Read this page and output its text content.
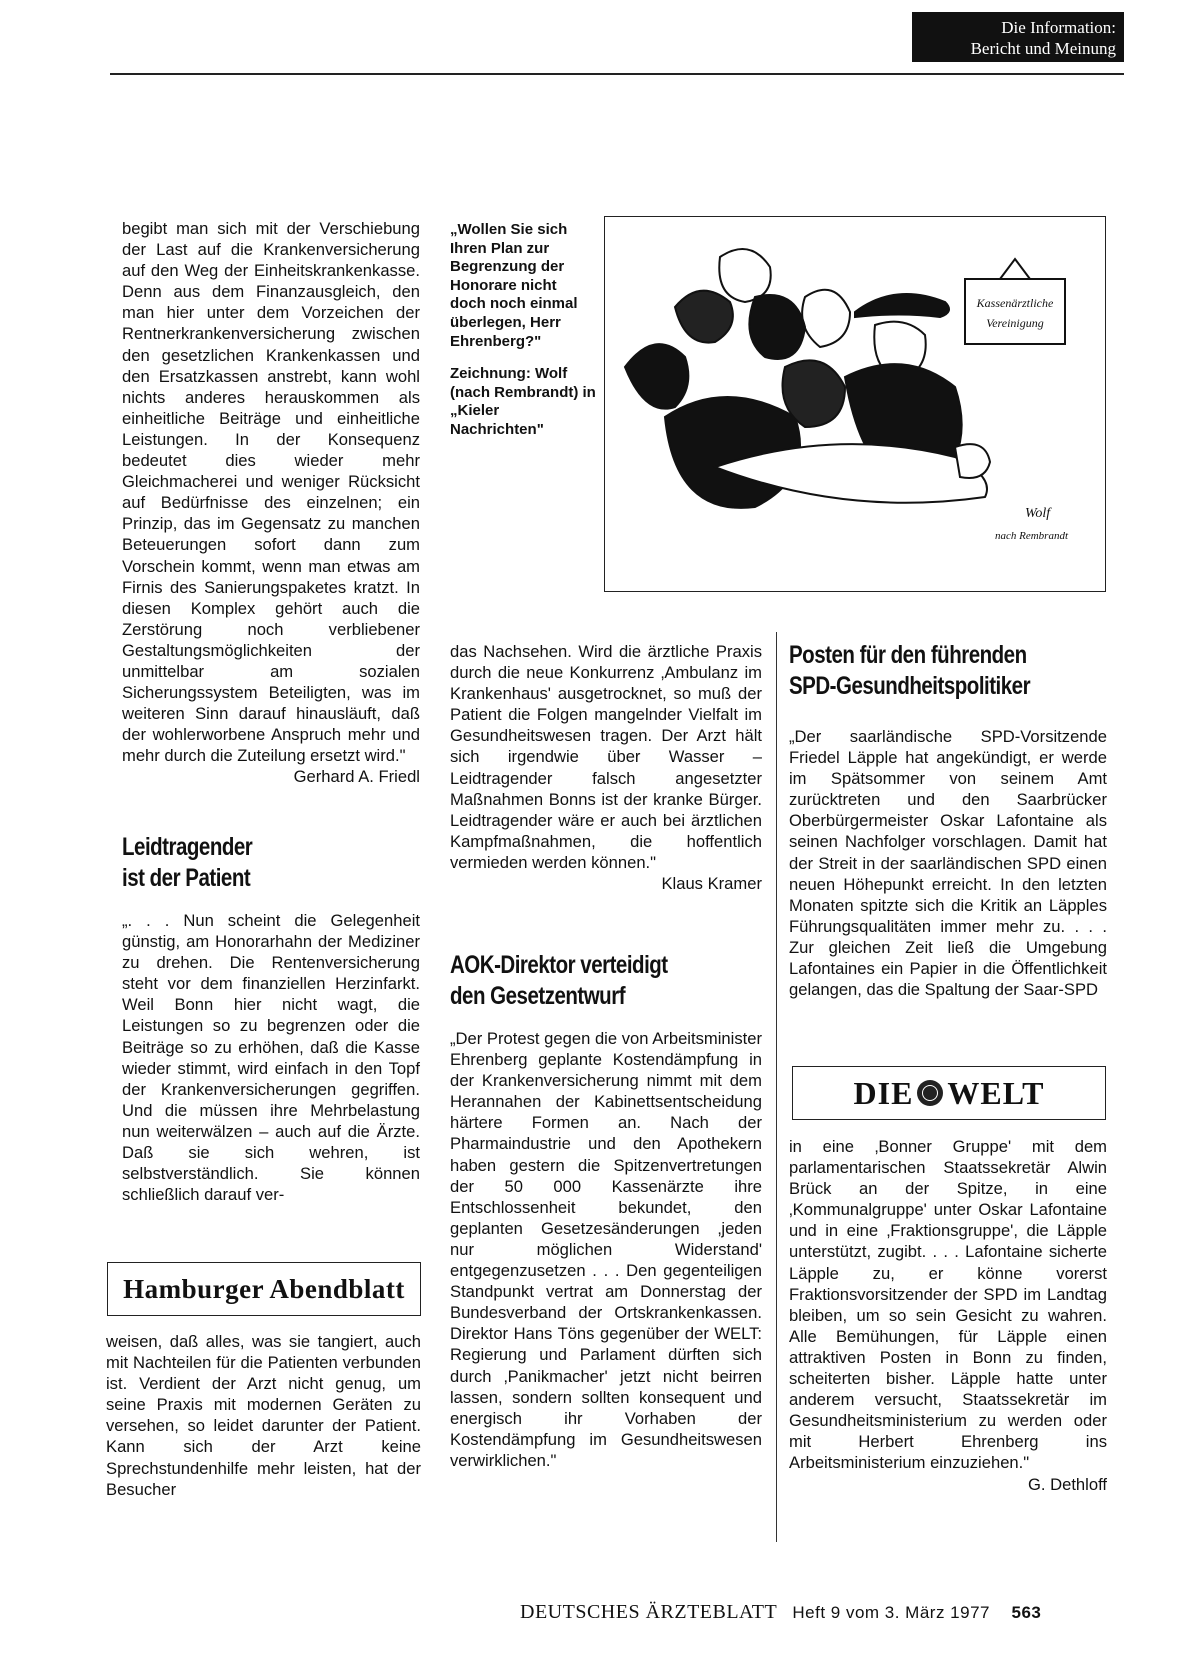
Die Information:
Bericht und Meinung

begibt man sich mit der Verschiebung der Last auf die Krankenversicherung auf den Weg der Einheitskrankenkasse. Denn aus dem Finanzausgleich, den man hier unter dem Vorzeichen der Rentnerkrankenversicherung zwischen den gesetzlichen Krankenkassen und den Ersatzkassen anstrebt, kann wohl nichts anderes herauskommen als einheitliche Beiträge und einheitliche Leistungen. In der Konsequenz bedeutet dies wieder mehr Gleichmacherei und weniger Rücksicht auf Bedürfnisse des einzelnen; ein Prinzip, das im Gegensatz zu manchen Beteuerungen sofort dann zum Vorschein kommt, wenn man etwas am Firnis des Sanierungspaketes kratzt. In diesen Komplex gehört auch die Zerstörung noch verbliebener Gestaltungsmöglichkeiten der unmittelbar am sozialen Sicherungssystem Beteiligten, was im weiteren Sinn darauf hinausläuft, daß der wohlerworbene Anspruch mehr und mehr durch die Zuteilung ersetzt wird."

Gerhard A. Friedl

Leidtragender
ist der Patient

„. . . Nun scheint die Gelegenheit günstig, am Honorarhahn der Mediziner zu drehen. Die Rentenversicherung steht vor dem finanziellen Herzinfarkt. Weil Bonn hier nicht wagt, die Leistungen so zu begrenzen oder die Beiträge so zu erhöhen, daß die Kasse wieder stimmt, wird einfach in den Topf der Krankenversicherungen gegriffen. Und die müssen ihre Mehrbelastung nun weiterwälzen – auch auf die Ärzte. Daß sie sich wehren, ist selbstverständlich. Sie können schließlich darauf ver-

Hamburger Abendblatt

weisen, daß alles, was sie tangiert, auch mit Nachteilen für die Patienten verbunden ist. Verdient der Arzt nicht genug, um seine Praxis mit modernen Geräten zu versehen, so leidet darunter der Patient. Kann sich der Arzt keine Sprechstundenhilfe mehr leisten, hat der Besucher

„Wollen Sie sich Ihren Plan zur Begrenzung der Honorare nicht doch noch einmal überlegen, Herr Ehrenberg?"
Zeichnung: Wolf (nach Rembrandt) in „Kieler Nachrichten"
Kassenärztliche
Vereinigung
Wolf
nach Rembrandt

das Nachsehen. Wird die ärztliche Praxis durch die neue Konkurrenz ‚Ambulanz im Krankenhaus' ausgetrocknet, so muß der Patient die Folgen mangelnder Vielfalt im Gesundheitswesen tragen. Der Arzt hält sich irgendwie über Wasser – Leidtragender falsch angesetzter Maßnahmen Bonns ist der kranke Bürger. Leidtragender wäre er auch bei ärztlichen Kampfmaßnahmen, die hoffentlich vermieden werden können."

Klaus Kramer

AOK-Direktor verteidigt
den Gesetzentwurf

„Der Protest gegen die von Arbeitsminister Ehrenberg geplante Kostendämpfung in der Krankenversicherung nimmt mit dem Herannahen der Kabinettsentscheidung härtere Formen an. Nach der Pharmaindustrie und den Apothekern haben gestern die Spitzenvertretungen der 50 000 Kassenärzte ihre Entschlossenheit bekundet, den geplanten Gesetzesänderungen ‚jeden nur möglichen Widerstand' entgegenzusetzen . . . Den gegenteiligen Standpunkt vertrat am Donnerstag der Bundesverband der Ortskrankenkassen. Direktor Hans Töns gegenüber der WELT: Regierung und Parlament dürften sich durch ‚Panikmacher' jetzt nicht beirren lassen, sondern sollten konsequent und energisch ihr Vorhaben der Kostendämpfung im Gesundheitswesen verwirklichen."

Posten für den führenden
SPD-Gesundheitspolitiker

„Der saarländische SPD-Vorsitzende Friedel Läpple hat angekündigt, er werde im Spätsommer von seinem Amt zurücktreten und den Saarbrücker Oberbürgermeister Oskar Lafontaine als seinen Nachfolger vorschlagen. Damit hat der Streit in der saarländischen SPD einen neuen Höhepunkt erreicht. In den letzten Monaten spitzte sich die Kritik an Läpples Führungsqualitäten immer mehr zu. . . . Zur gleichen Zeit ließ die Umgebung Lafontaines ein Papier in die Öffentlichkeit gelangen, das die Spaltung der Saar-SPD

DIE WELT

in eine ‚Bonner Gruppe' mit dem parlamentarischen Staatssekretär Alwin Brück an der Spitze, in eine ‚Kommunalgruppe' unter Oskar Lafontaine und in eine ‚Fraktionsgruppe', die Läpple unterstützt, zugibt. . . . Lafontaine sicherte Läpple zu, er könne vorerst Fraktionsvorsitzender der SPD im Landtag bleiben, um so sein Gesicht zu wahren. Alle Bemühungen, für Läpple einen attraktiven Posten in Bonn zu finden, scheiterten bisher. Läpple hatte unter anderem versucht, Staatssekretär im Gesundheitsministerium zu werden oder mit Herbert Ehrenberg ins Arbeitsministerium einzuziehen."

G. Dethloff

DEUTSCHES ÄRZTEBLATT Heft 9 vom 3. März 1977 563
